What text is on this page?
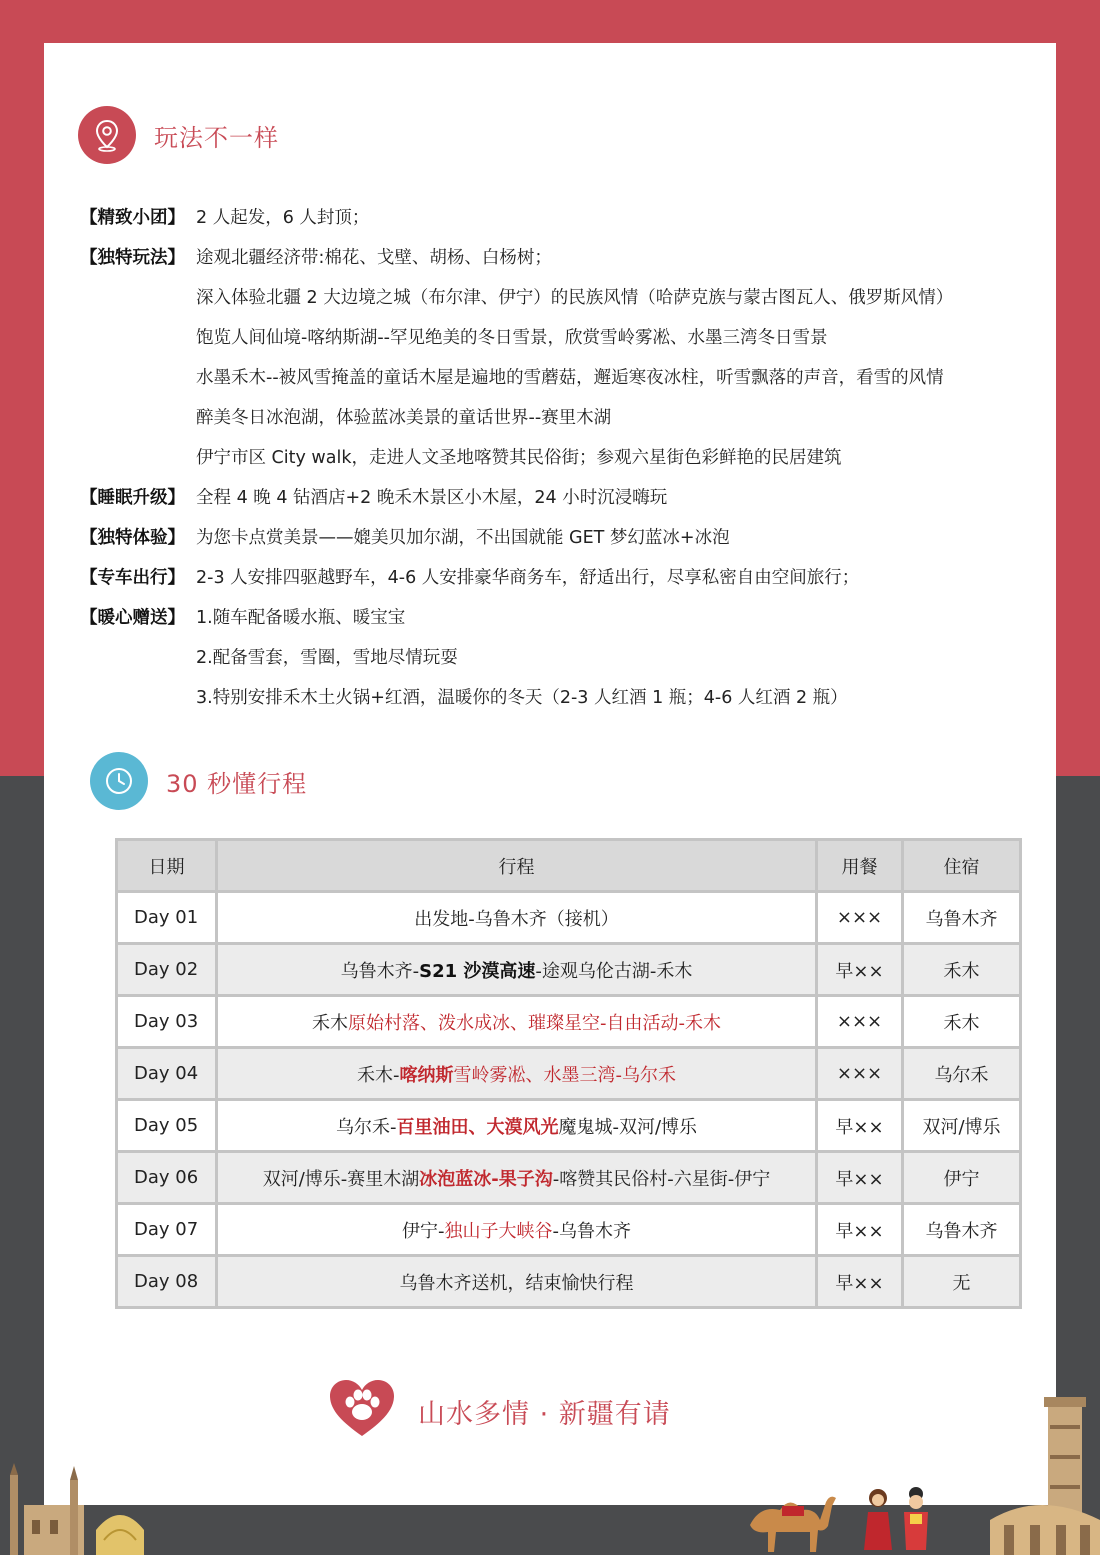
玩法不一样
【精致小团】 2 人起发，6 人封顶；
【独特玩法】 途观北疆经济带:棉花、戈壁、胡杨、白杨树；
深入体验北疆 2 大边境之城（布尔津、伊宁）的民族风情（哈萨克族与蒙古图瓦人、俄罗斯风情）
饱览人间仙境-喀纳斯湖--罕见绝美的冬日雪景，欣赏雪岭雾凇、水墨三湾冬日雪景
水墨禾木--被风雪掩盖的童话木屋是遍地的雪蘑菇，邂逅寒夜冰柱，听雪飘落的声音，看雪的风情
醉美冬日冰泡湖，体验蓝冰美景的童话世界--赛里木湖
伊宁市区 City walk，走进人文圣地喀赞其民俗街；参观六星街色彩鲜艳的民居建筑
【睡眠升级】 全程 4 晚 4 钻酒店+2 晚禾木景区小木屋，24 小时沉浸嗨玩
【独特体验】 为您卡点赏美景——媲美贝加尔湖，不出国就能 GET 梦幻蓝冰+冰泡
【专车出行】 2-3 人安排四驱越野车，4-6 人安排豪华商务车，舒适出行，尽享私密自由空间旅行；
【暖心赠送】 1.随车配备暖水瓶、暖宝宝
2.配备雪套，雪圈，雪地尽情玩耍
3.特别安排禾木土火锅+红酒，温暖你的冬天（2-3 人红酒 1 瓶；4-6 人红酒 2 瓶）
30 秒懂行程
日期	行程	用餐	住宿
Day 01	出发地-乌鲁木齐（接机）	×××	乌鲁木齐
Day 02	乌鲁木齐-S21 沙漠高速-途观乌伦古湖-禾木	早××	禾木
Day 03	禾木原始村落、泼水成冰、璀璨星空-自由活动-禾木	×××	禾木
Day 04	禾木-喀纳斯雪岭雾凇、水墨三湾-乌尔禾	×××	乌尔禾
Day 05	乌尔禾-百里油田、大漠风光魔鬼城-双河/博乐	早××	双河/博乐
Day 06	双河/博乐-赛里木湖冰泡蓝冰-果子沟-喀赞其民俗村-六星街-伊宁	早××	伊宁
Day 07	伊宁-独山子大峡谷-乌鲁木齐	早××	乌鲁木齐
Day 08	乌鲁木齐送机，结束愉快行程	早××	无
山水多情 · 新疆有请
